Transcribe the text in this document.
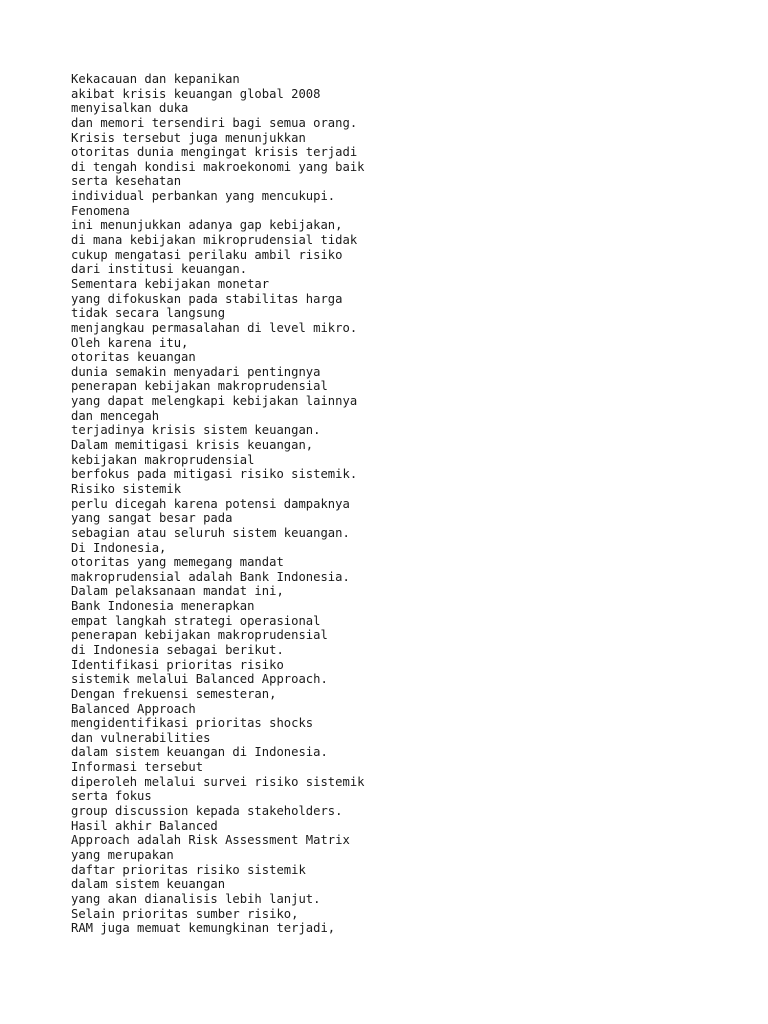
Kekacauan dan kepanikan
akibat krisis keuangan global 2008
menyisalkan duka
dan memori tersendiri bagi semua orang.
Krisis tersebut juga menunjukkan
otoritas dunia mengingat krisis terjadi
di tengah kondisi makroekonomi yang baik
serta kesehatan
individual perbankan yang mencukupi.
Fenomena
ini menunjukkan adanya gap kebijakan,
di mana kebijakan mikroprudensial tidak
cukup mengatasi perilaku ambil risiko
dari institusi keuangan.
Sementara kebijakan monetar
yang difokuskan pada stabilitas harga
tidak secara langsung
menjangkau permasalahan di level mikro.
Oleh karena itu,
otoritas keuangan
dunia semakin menyadari pentingnya
penerapan kebijakan makroprudensial
yang dapat melengkapi kebijakan lainnya
dan mencegah
terjadinya krisis sistem keuangan.
Dalam memitigasi krisis keuangan,
kebijakan makroprudensial
berfokus pada mitigasi risiko sistemik.
Risiko sistemik
perlu dicegah karena potensi dampaknya
yang sangat besar pada
sebagian atau seluruh sistem keuangan.
Di Indonesia,
otoritas yang memegang mandat
makroprudensial adalah Bank Indonesia.
Dalam pelaksanaan mandat ini,
Bank Indonesia menerapkan
empat langkah strategi operasional
penerapan kebijakan makroprudensial
di Indonesia sebagai berikut.
Identifikasi prioritas risiko
sistemik melalui Balanced Approach.
Dengan frekuensi semesteran,
Balanced Approach
mengidentifikasi prioritas shocks
dan vulnerabilities
dalam sistem keuangan di Indonesia.
Informasi tersebut
diperoleh melalui survei risiko sistemik
serta fokus
group discussion kepada stakeholders.
Hasil akhir Balanced
Approach adalah Risk Assessment Matrix
yang merupakan
daftar prioritas risiko sistemik
dalam sistem keuangan
yang akan dianalisis lebih lanjut.
Selain prioritas sumber risiko,
RAM juga memuat kemungkinan terjadi,
